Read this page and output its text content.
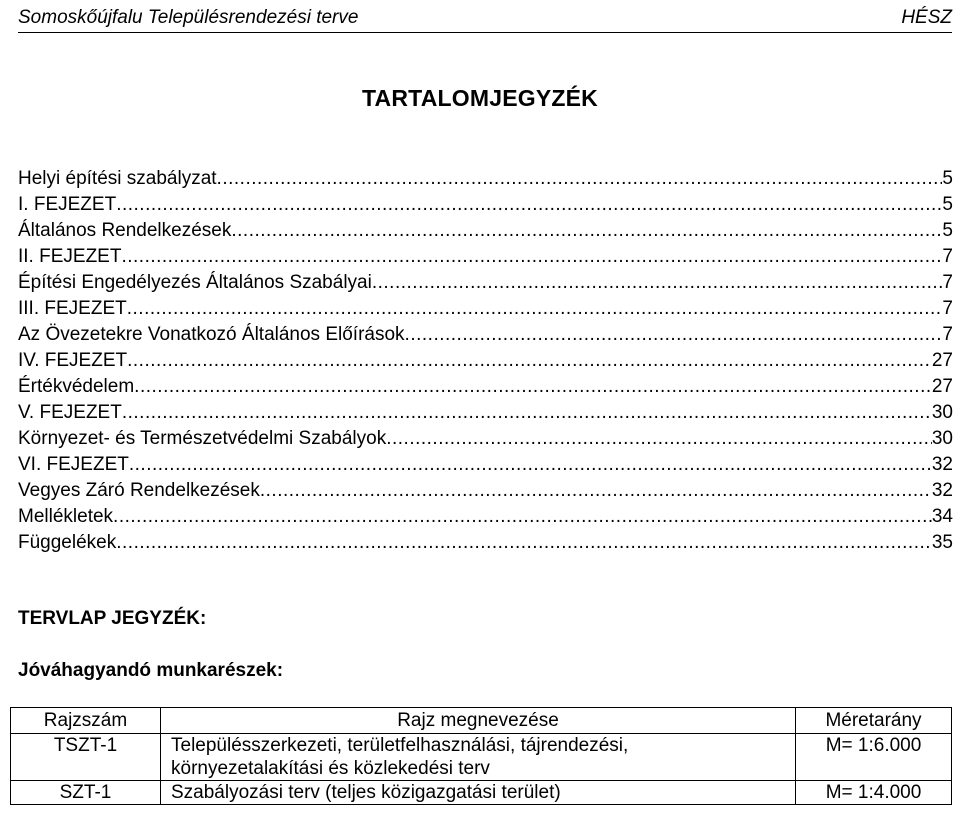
Somoskőújfalu Településrendezési terve	HÉSZ
TARTALOMJEGYZÉK
Helyi építési szabályzat .....	5
I. FEJEZET .....	5
Általános Rendelkezések .....	5
II. FEJEZET .....	7
Építési Engedélyezés Általános Szabályai .....	7
III. FEJEZET .....	7
Az Övezetekre Vonatkozó Általános Előírások .....	7
IV. FEJEZET .....	27
Értékvédelem .....	27
V. FEJEZET .....	30
Környezet- és Természetvédelmi Szabályok .....	30
VI. FEJEZET .....	32
Vegyes Záró Rendelkezések .....	32
Mellékletek .....	34
Függelékek .....	35
TERVLAP JEGYZÉK:
Jóváhagyandó munkarészek:
Rajzszám	Rajz megnevezése	Méretarány
TSZT-1	Településszerkezeti, területfelhasználási, tájrendezési,
környezetalakítási és közlekedési terv	M= 1:6.000
SZT-1	Szabályozási terv (teljes közigazgatási terület)	M= 1:4.000
